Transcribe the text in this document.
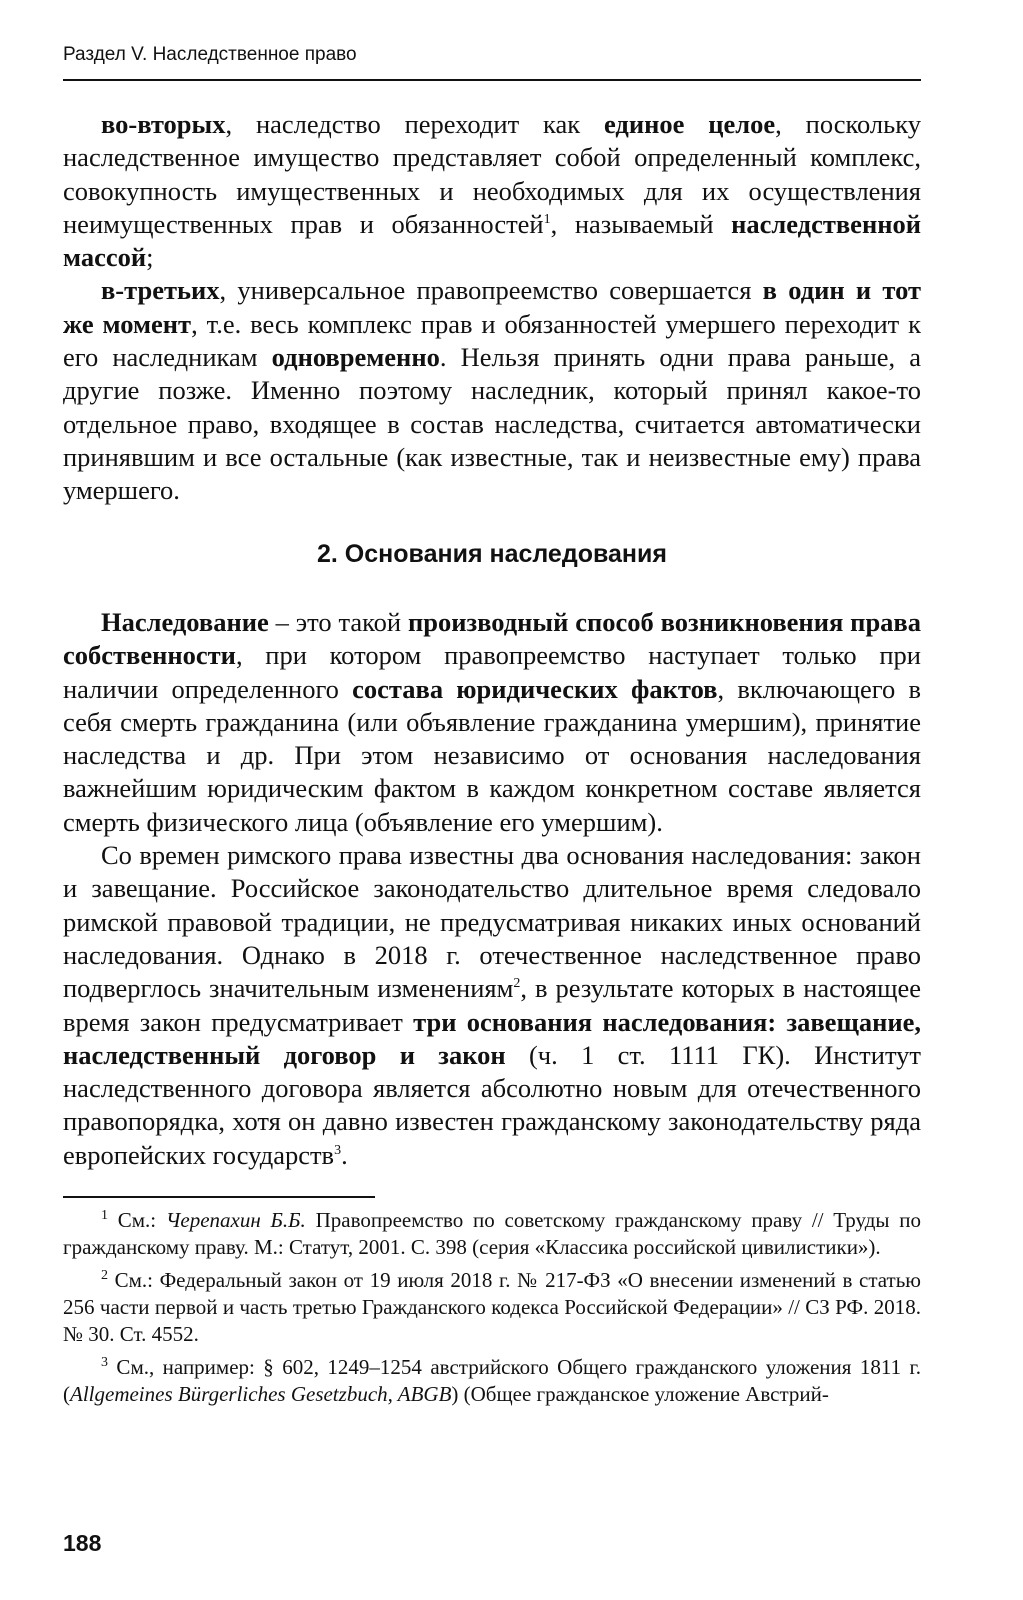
Раздел V. Наследственное право

во-вторых, наследство переходит как единое целое, поскольку наследственное имущество представляет собой определенный комплекс, совокупность имущественных и необходимых для их осуществления неимущественных прав и обязанностей$^1$, называемый наследственной массой;

в-третьих, универсальное правопреемство совершается в один и тот же момент, т.е. весь комплекс прав и обязанностей умершего переходит к его наследникам одновременно. Нельзя принять одни права раньше, а другие позже. Именно поэтому наследник, который принял какое-то отдельное право, входящее в состав наследства, считается автоматически принявшим и все остальные (как известные, так и неизвестные ему) права умершего.

2. Основания наследования

Наследование – это такой производный способ возникновения права собственности, при котором правопреемство наступает только при наличии определенного состава юридических фактов, включающего в себя смерть гражданина (или объявление гражданина умершим), принятие наследства и др. При этом независимо от основания наследования важнейшим юридическим фактом в каждом конкретном составе является смерть физического лица (объявление его умершим).

Со времен римского права известны два основания наследования: закон и завещание. Российское законодательство длительное время следовало римской правовой традиции, не предусматривая никаких иных оснований наследования. Однако в 2018 г. отечественное наследственное право подверглось значительным изменениям$^2$, в результате которых в настоящее время закон предусматривает три основания наследования: завещание, наследственный договор и закон (ч. 1 ст. 1111 ГК). Институт наследственного договора является абсолютно новым для отечественного правопорядка, хотя он давно известен гражданскому законодательству ряда европейских государств$^3$.

$^1$ См.: Черепахин Б.Б. Правопреемство по советскому гражданскому праву // Труды по гражданскому праву. М.: Статут, 2001. С. 398 (серия «Классика российской цивилистики»).

$^2$ См.: Федеральный закон от 19 июля 2018 г. № 217-ФЗ «О внесении изменений в статью 256 части первой и часть третью Гражданского кодекса Российской Федерации» // СЗ РФ. 2018. № 30. Ст. 4552.

$^3$ См., например: § 602, 1249–1254 австрийского Общего гражданского уложения 1811 г. (Allgemeines Bürgerliches Gesetzbuch, ABGB) (Общее гражданское уложение Австрий-

188
